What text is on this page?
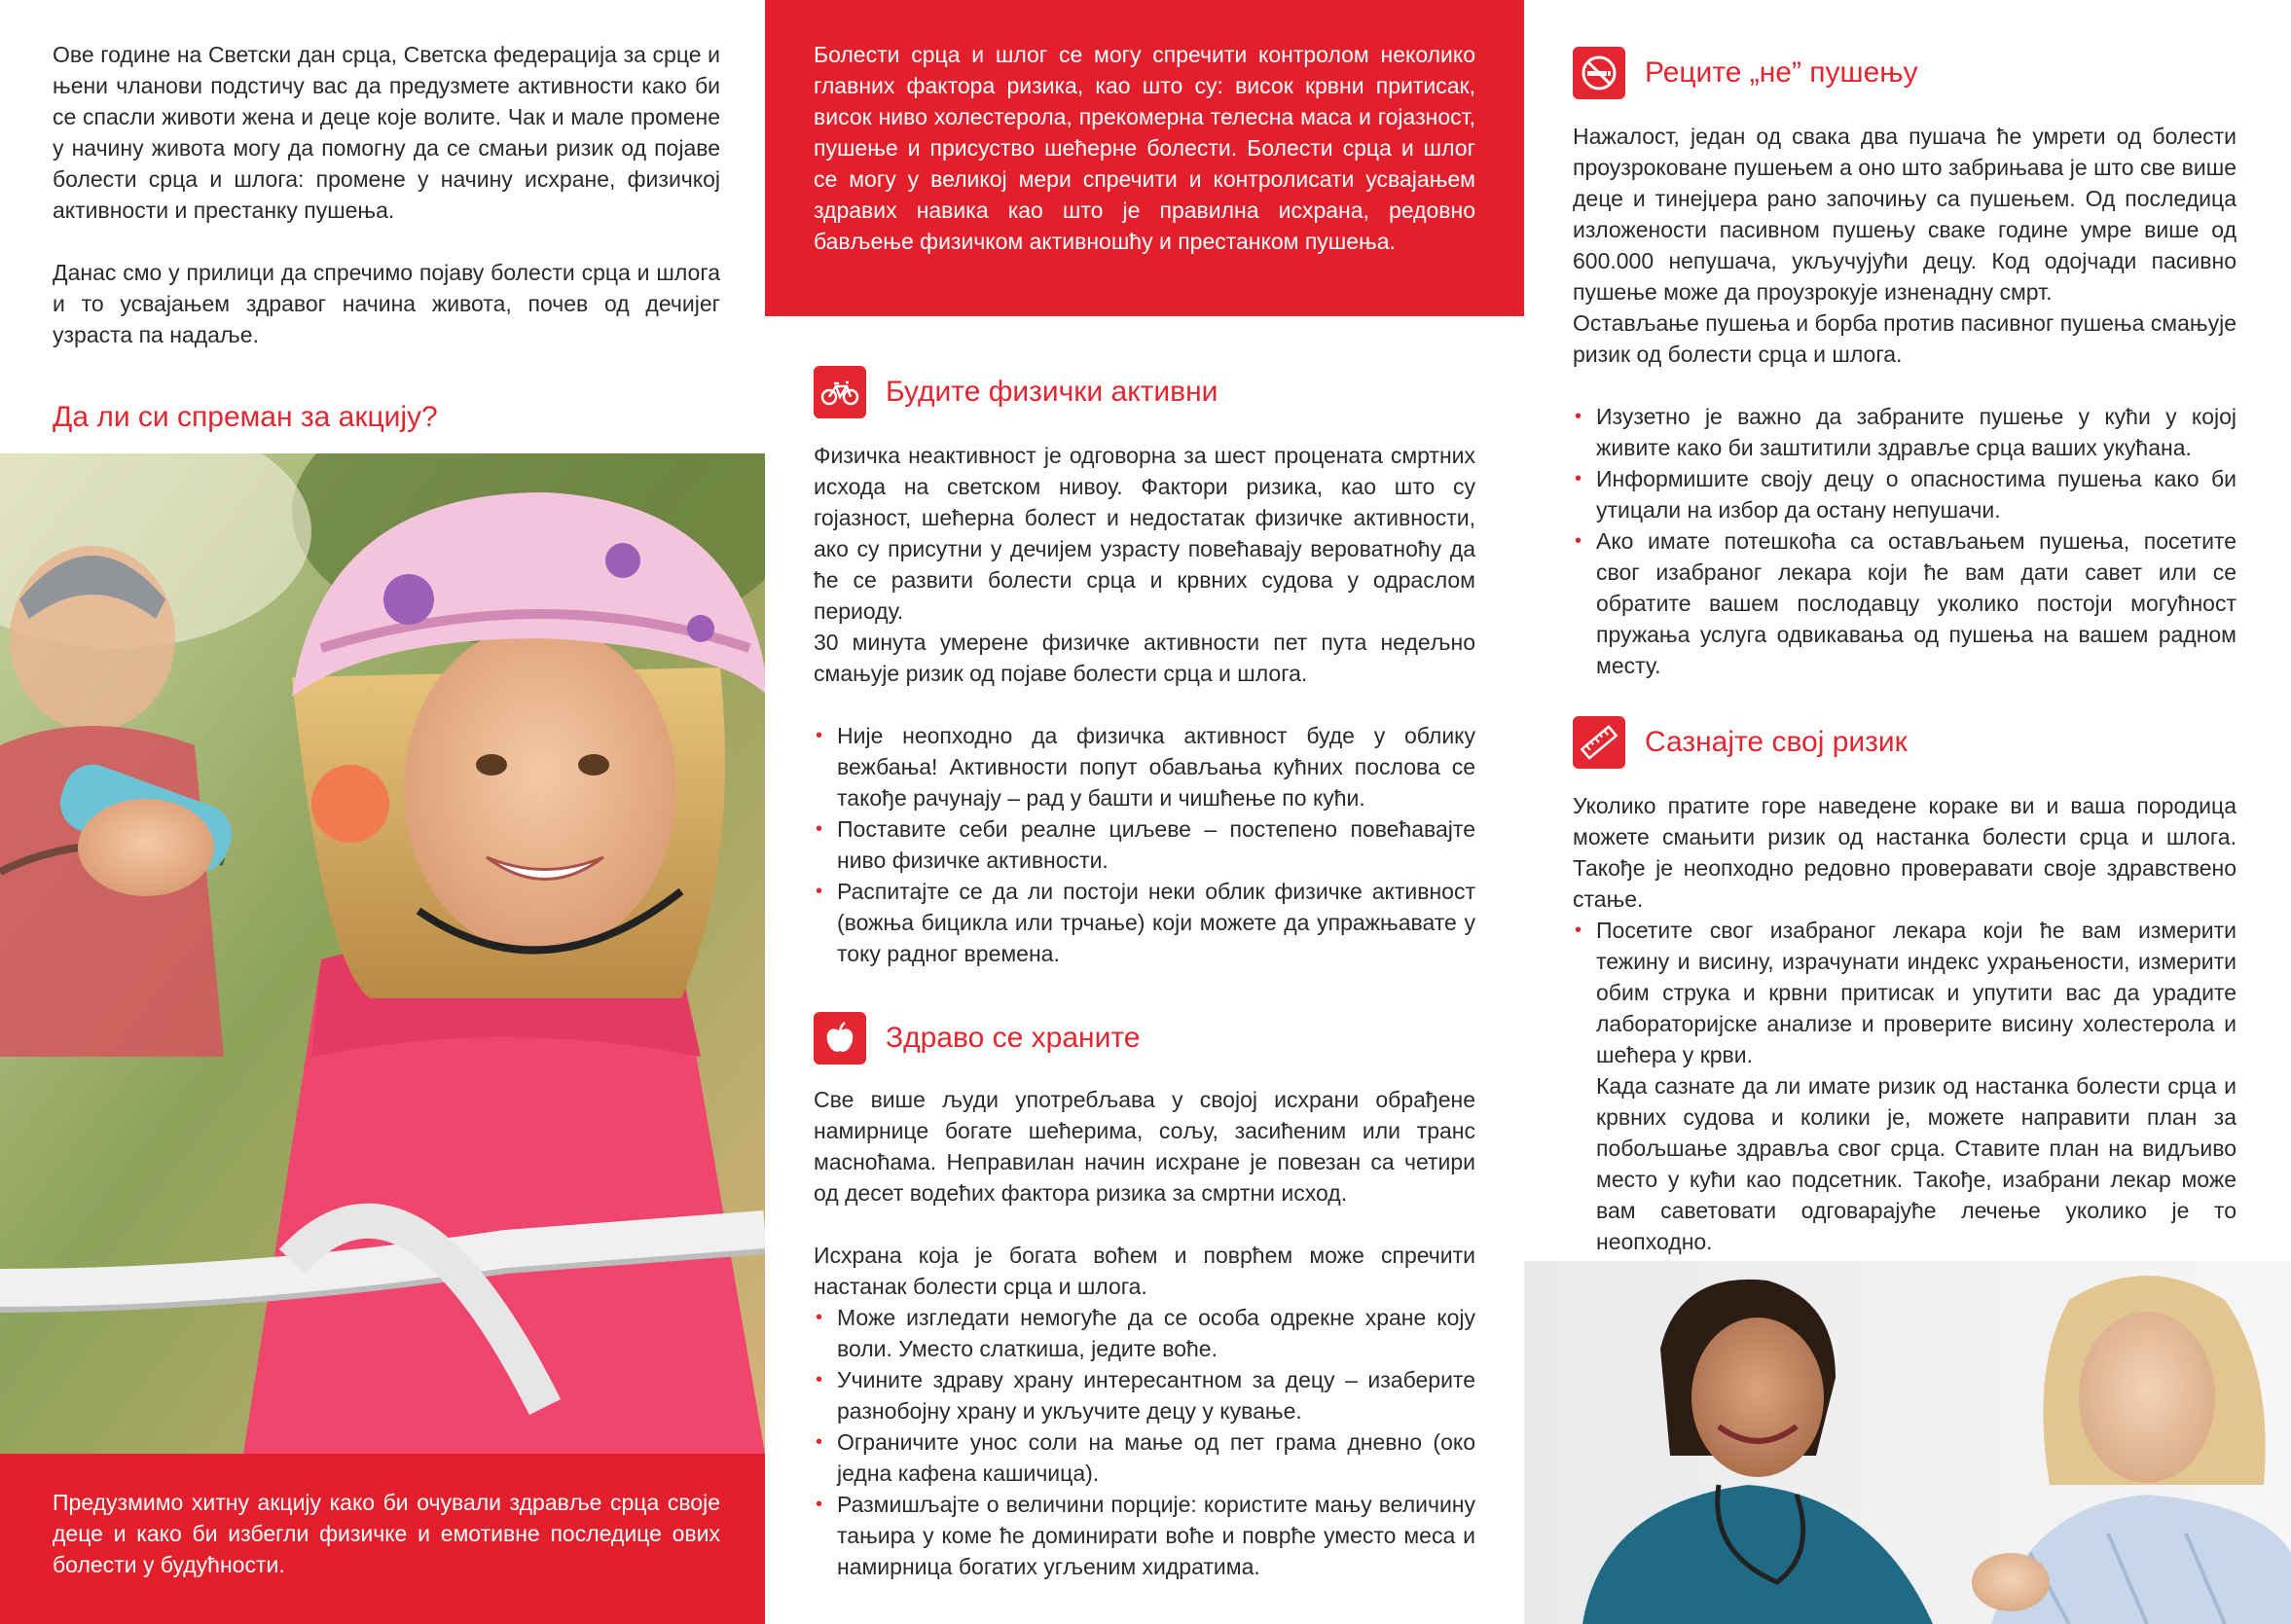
Ове године на Светски дан срца, Светска федерација за срце и њени чланови подстичу вас да предузмете активности како би се спасли животи жена и деце које волите. Чак и мале промене у начину живота могу да помогну да се смањи ризик од појаве болести срца и шлога: промене у начину исхране, физичкој активности и престанку пушења.

Данас смо у прилици да спречимо појаву болести срца и шлога и то усвајањем здравог начина живота, почев од дечијег узраста па надаље.

Да ли си спреман за акцију?

Предузмимо хитну акцију како би очували здравље срца своје деце и како би избегли физичке и емотивне последице ових болести у будућности.

Болести срца и шлог се могу спречити контролом неколико главних фактора ризика, као што су: висок крвни притисак, висок ниво холестерола, прекомерна телесна маса и гојазност, пушење и присуство шећерне болести. Болести срца и шлог се могу у великој мери спречити и контролисати усвајањем здравих навика као што је правилна исхрана, редовно бављење физичком активношћу и престанком пушења.

Будите физички активни

Физичка неактивност је одговорна за шест процената смртних исхода на светском нивоу. Фактори ризика, као што су гојазност, шећерна болест и недостатак физичке активности, ако су присутни у дечијем узрасту повећавају вероватноћу да ће се развити болести срца и крвних судова у одраслом периоду.

30 минута умерене физичке активности пет пута недељно смањује ризик од појаве болести срца и шлога.

• Није неопходно да физичка активност буде у облику вежбања! Активности попут обављања кућних послова се такође рачунају – рад у башти и чишћење по кући.
• Поставите себи реалне циљеве – постепено повећавајте ниво физичке активности.
• Распитајте се да ли постоји неки облик физичке активност (вожња бицикла или трчање) који можете да упражњавате у току радног времена.
Здраво се храните

Све више људи употребљава у својој исхрани обрађене намирнице богате шећерима, сољу, засићеним или транс масноћама. Неправилан начин исхране је повезан са четири од десет водећих фактора ризика за смртни исход.

Исхрана која је богата воћем и поврћем може спречити настанак болести срца и шлога.

• Може изгледати немогуће да се особа одрекне хране коју воли. Уместо слаткиша, једите воће.
• Учините здраву храну интересантном за децу – изаберите разнобојну храну и укључите децу у кување.
• Ограничите унос соли на мање од пет грама дневно (око једна кафена кашичица).
• Размишљајте о величини порције: користите мању величину тањира у коме ће доминирати воће и поврће уместо меса и намирница богатих угљеним хидратима.
Реците „не” пушењу

Нажалост, један од свака два пушача ће умрети од болести проузроковане пушењем а оно што забрињава је што све више деце и тинејџера рано започињу са пушењем. Од последица изложености пасивном пушењу сваке године умре више од 600.000 непушача, укључујући децу. Код одојчади пасивно пушење може да проузрокује изненадну смрт.

Остављање пушења и борба против пасивног пушења смањује ризик од болести срца и шлога.

• Изузетно је важно да забраните пушење у кући у којој живите како би заштитили здравље срца ваших укућана.
• Информишите своју децу о опасностима пушења како би утицали на избор да остану непушачи.
• Ако имате потешкоћа са остављањем пушења, посетите свог изабраног лекара који ће вам дати савет или се обратите вашем послодавцу уколико постоји могућност пружања услуга одвикавања од пушења на вашем радном месту.
Сазнајте свој ризик

Уколико пратите горе наведене кораке ви и ваша породица можете смањити ризик од настанка болести срца и шлога. Такође је неопходно редовно проверавати своје здравствено стање.

• Посетите свог изабраног лекара који ће вам измерити тежину и висину, израчунати индекс ухрањености, измерити обим струка и крвни притисак и упутити вас да урадите лабораторијске анализе и проверите висину холестерола и шећера у крви.

Када сазнате да ли имате ризик од настанка болести срца и крвних судова и колики је, можете направити план за побољшање здравља свог срца. Ставите план на видљиво место у кући као подсетник. Такође, изабрани лекар може вам саветовати одговарајуће лечење уколико је то неопходно.
